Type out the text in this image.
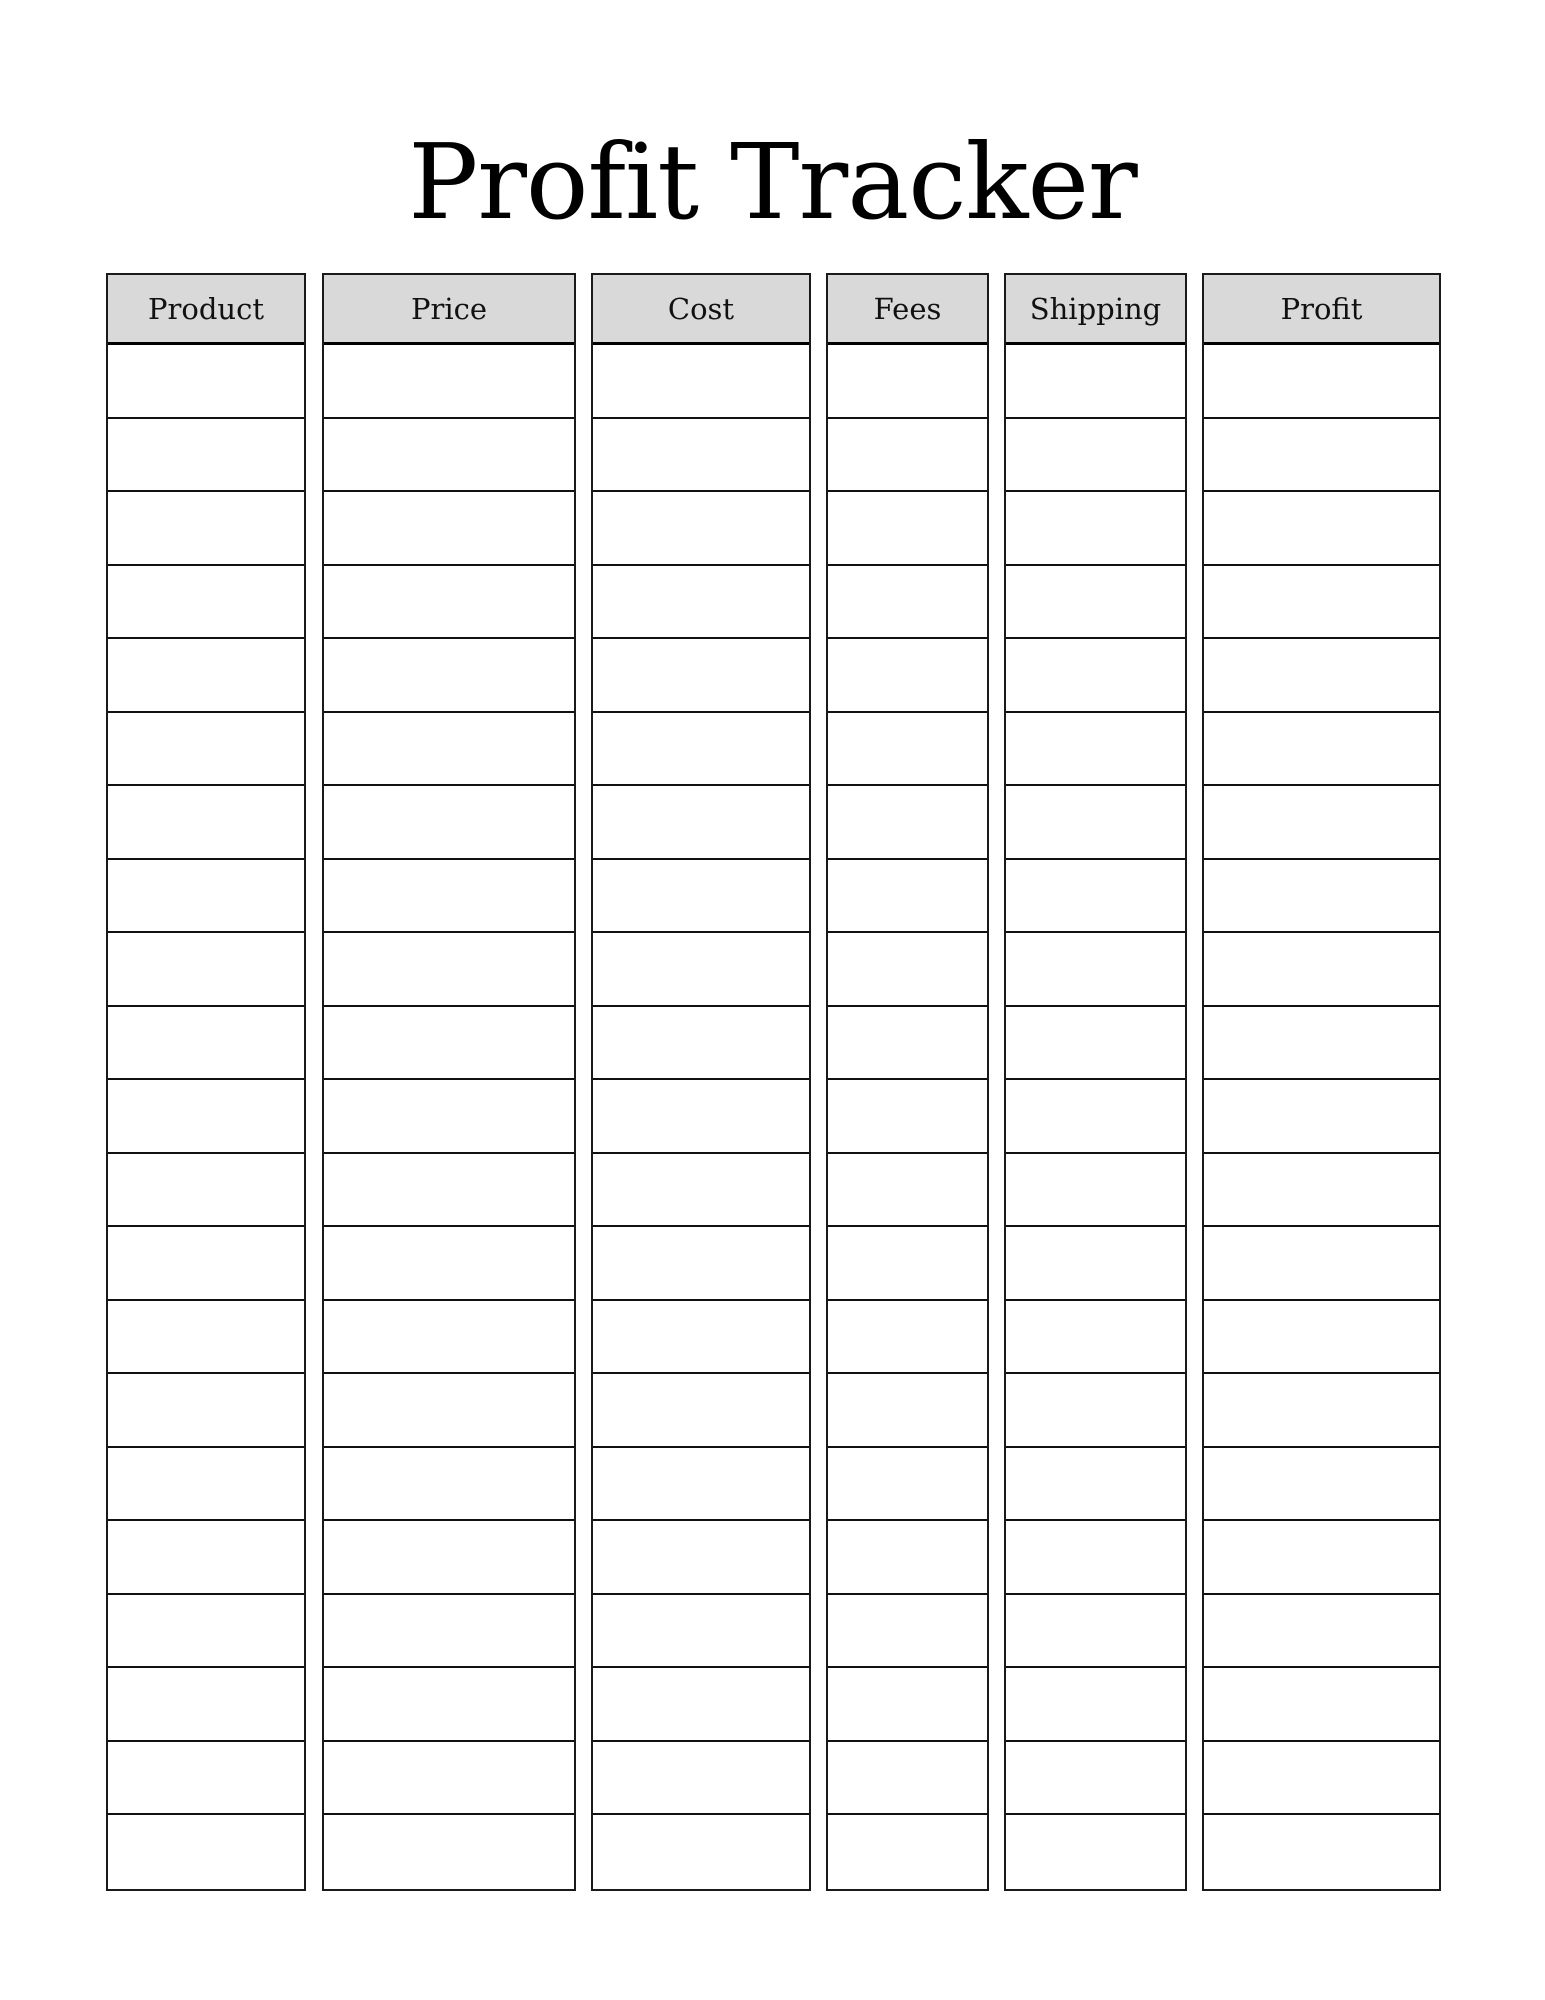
Profit Tracker
Product	Price	Cost	Fees	Shipping	Profit
